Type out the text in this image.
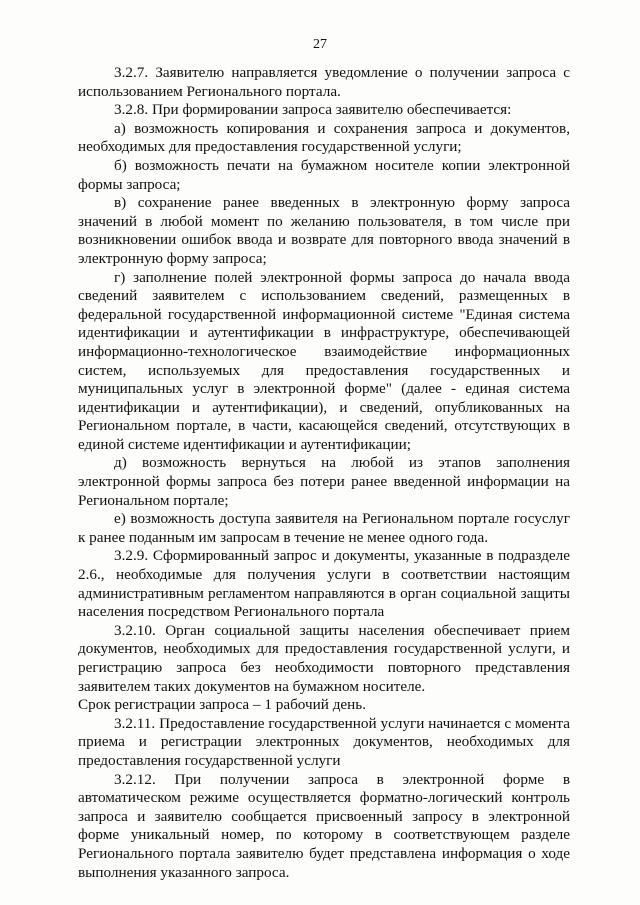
27

3.2.7. Заявителю направляется уведомление о получении запроса с использованием Регионального портала.

3.2.8. При формировании запроса заявителю обеспечивается:

а) возможность копирования и сохранения запроса и документов, необходимых для предоставления государственной услуги;

б) возможность печати на бумажном носителе копии электронной формы запроса;

в) сохранение ранее введенных в электронную форму запроса значений в любой момент по желанию пользователя, в том числе при возникновении ошибок ввода и возврате для повторного ввода значений в электронную форму запроса;

г) заполнение полей электронной формы запроса до начала ввода сведений заявителем с использованием сведений, размещенных в федеральной государственной информационной системе "Единая система идентификации и аутентификации в инфраструктуре, обеспечивающей информационно-технологическое взаимодействие информационных систем, используемых для предоставления государственных и муниципальных услуг в электронной форме" (далее - единая система идентификации и аутентификации), и сведений, опубликованных на Региональном портале, в части, касающейся сведений, отсутствующих в единой системе идентификации и аутентификации;

д) возможность вернуться на любой из этапов заполнения электронной формы запроса без потери ранее введенной информации на Региональном портале;

е) возможность доступа заявителя на Региональном портале госуслуг к ранее поданным им запросам в течение не менее одного года.

3.2.9. Сформированный запрос и документы, указанные в подразделе 2.6., необходимые для получения услуги в соответствии настоящим административным регламентом направляются в орган социальной защиты населения посредством Регионального портала

3.2.10. Орган социальной защиты населения обеспечивает прием документов, необходимых для предоставления государственной услуги, и регистрацию запроса без необходимости повторного представления заявителем таких документов на бумажном носителе.

Срок регистрации запроса – 1 рабочий день.

3.2.11. Предоставление государственной услуги начинается с момента приема и регистрации электронных документов, необходимых для предоставления государственной услуги

3.2.12. При получении запроса в электронной форме в автоматическом режиме осуществляется форматно-логический контроль запроса и заявителю сообщается присвоенный запросу в электронной форме уникальный номер, по которому в соответствующем разделе Регионального портала заявителю будет представлена информация о ходе выполнения указанного запроса.
